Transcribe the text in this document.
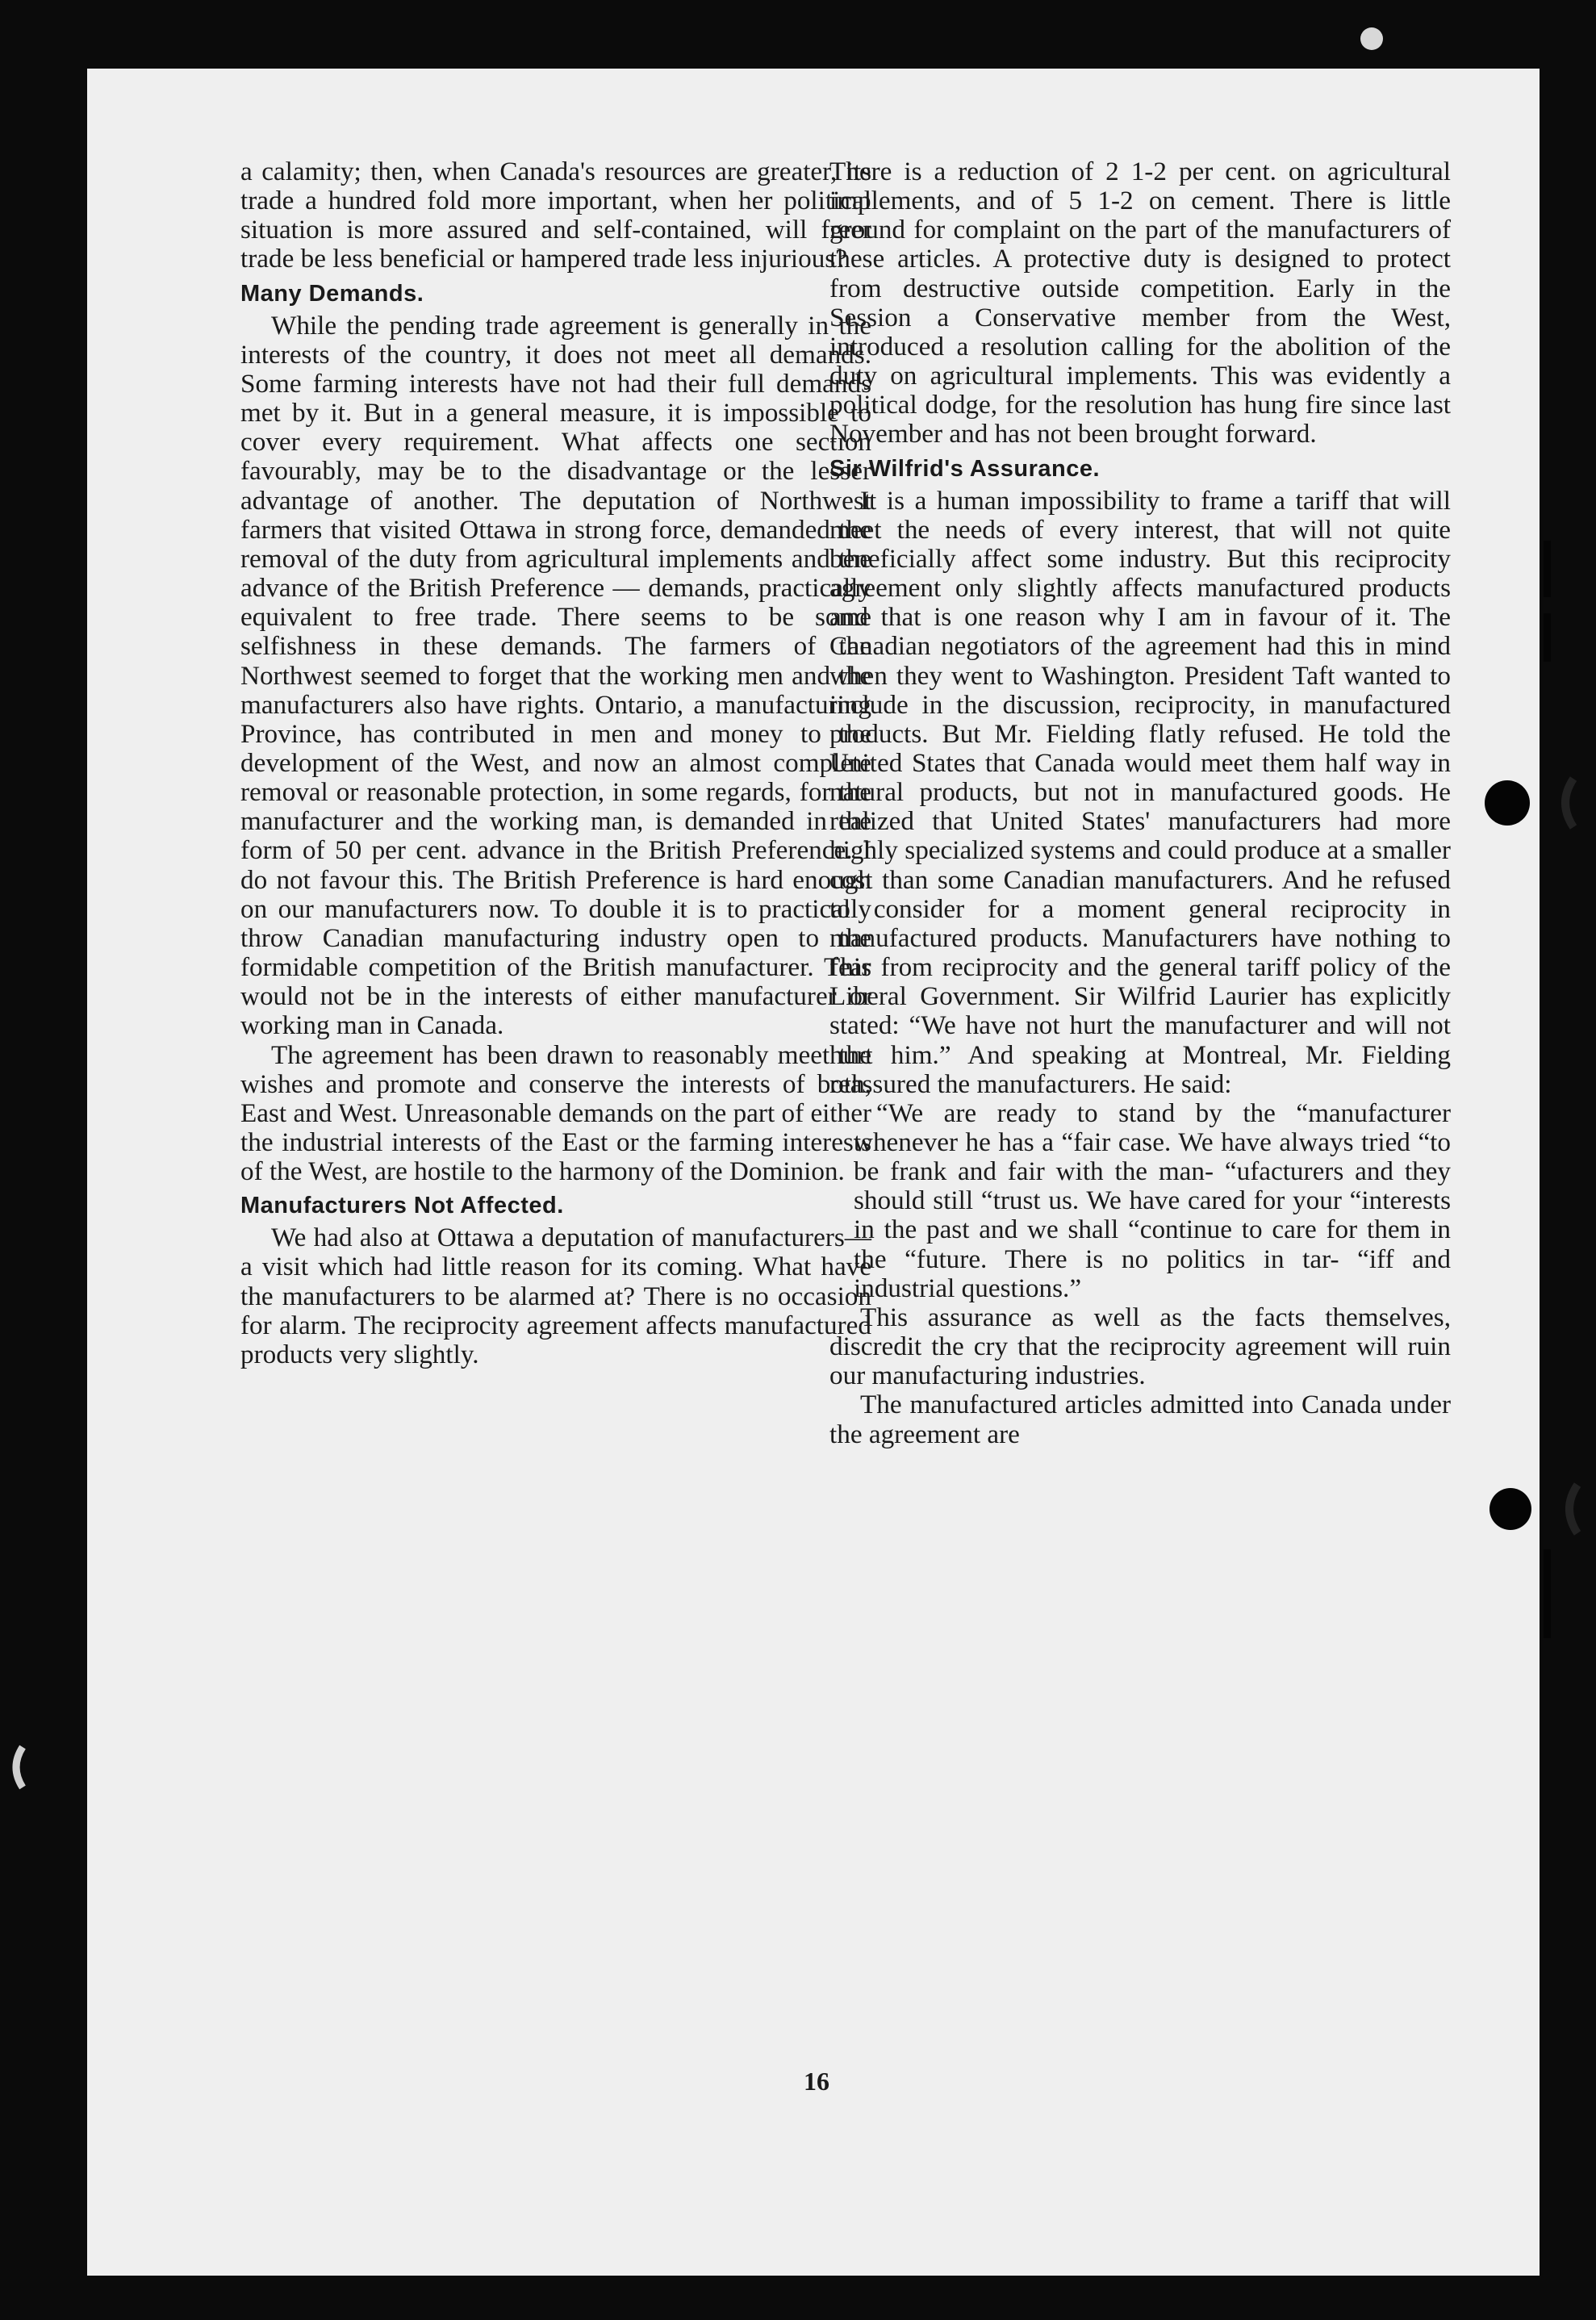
a calamity; then, when Canada's resources are greater, its trade a hundred fold more important, when her political situation is more assured and self-contained, will freer trade be less beneficial or hampered trade less injurious?

Many Demands.

While the pending trade agreement is generally in the interests of the country, it does not meet all demands. Some farming interests have not had their full demands met by it. But in a general measure, it is impossible to cover every requirement. What affects one section favourably, may be to the disadvantage or the lesser advantage of another. The deputation of Northwest farmers that visited Ottawa in strong force, demanded the removal of the duty from agricultural implements and the advance of the British Preference — demands, practically equivalent to free trade. There seems to be some selfishness in these demands. The farmers of the Northwest seemed to forget that the working men and the manufacturers also have rights. Ontario, a manufacturing Province, has contributed in men and money to the development of the West, and now an almost complete removal or reasonable protection, in some regards, for the manufacturer and the working man, is demanded in the form of 50 per cent. advance in the British Preference. I do not favour this. The British Preference is hard enough on our manufacturers now. To double it is to practically throw Canadian manufacturing industry open to the formidable competition of the British manufacturer. This would not be in the interests of either manufacturer or working man in Canada.

The agreement has been drawn to reasonably meet the wishes and promote and conserve the interests of both, East and West. Unreasonable demands on the part of either the industrial interests of the East or the farming interests of the West, are hostile to the harmony of the Dominion.

Manufacturers Not Affected.

We had also at Ottawa a deputation of manufacturers—a visit which had little reason for its coming. What have the manufacturers to be alarmed at? There is no occasion for alarm. The reciprocity agreement affects manufactured products very slightly.

There is a reduction of 2 1-2 per cent. on agricultural implements, and of 5 1-2 on cement. There is little ground for complaint on the part of the manufacturers of these articles. A protective duty is designed to protect from destructive outside competition. Early in the Session a Conservative member from the West, introduced a resolution calling for the abolition of the duty on agricultural implements. This was evidently a political dodge, for the resolution has hung fire since last November and has not been brought forward.

Sir Wilfrid's Assurance.

It is a human impossibility to frame a tariff that will meet the needs of every interest, that will not quite beneficially affect some industry. But this reciprocity agreement only slightly affects manufactured products and that is one reason why I am in favour of it. The Canadian negotiators of the agreement had this in mind when they went to Washington. President Taft wanted to include in the discussion, reciprocity, in manufactured products. But Mr. Fielding flatly refused. He told the United States that Canada would meet them half way in natural products, but not in manufactured goods. He realized that United States' manufacturers had more highly specialized systems and could produce at a smaller cost than some Canadian manufacturers. And he refused to consider for a moment general reciprocity in manufactured products. Manufacturers have nothing to fear from reciprocity and the general tariff policy of the Liberal Government. Sir Wilfrid Laurier has explicitly stated: “We have not hurt the manufacturer and will not hurt him.” And speaking at Montreal, Mr. Fielding reassured the manufacturers. He said:

“We are ready to stand by the “manufacturer whenever he has a “fair case. We have always tried “to be frank and fair with the man- “ufacturers and they should still “trust us. We have cared for your “interests in the past and we shall “continue to care for them in the “future. There is no politics in tar- “iff and industrial questions.”

This assurance as well as the facts themselves, discredit the cry that the reciprocity agreement will ruin our manufacturing industries.

The manufactured articles admitted into Canada under the agreement are

16
